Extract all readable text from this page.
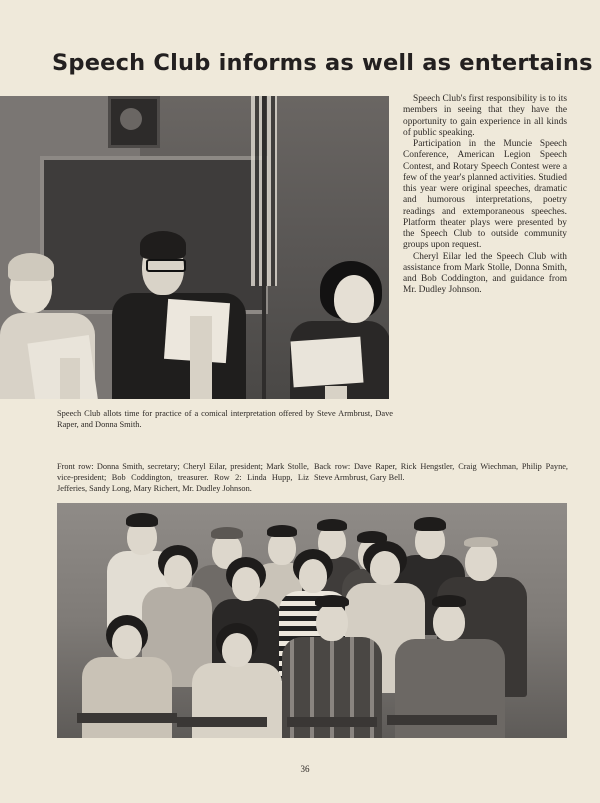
Speech Club informs as well as entertains

Speech Club's first responsibility is to its members in seeing that they have the opportunity to gain experience in all kinds of public speaking.

Participation in the Muncie Speech Conference, American Legion Speech Contest, and Rotary Speech Contest were a few of the year's planned activities. Studied this year were original speeches, dramatic and humorous interpretations, poetry readings and extemporaneous speeches. Platform theater plays were presented by the Speech Club to outside community groups upon request.

Cheryl Eilar led the Speech Club with assistance from Mark Stolle, Donna Smith, and Bob Coddington, and guidance from Mr. Dudley Johnson.

Speech Club allots time for practice of a comical interpretation offered by Steve Armbrust, Dave Raper, and Donna Smith.
Front row: Donna Smith, secretary; Cheryl Eilar, president; Mark Stolle, vice-president; Bob Coddington, treasurer. Row 2: Linda Hupp, Liz Jefferies, Sandy Long, Mary Richert, Mr. Dudley Johnson.
Back row: Dave Raper, Rick Hengstler, Craig Wiechman, Philip Payne, Steve Armbrust, Gary Bell.
36
